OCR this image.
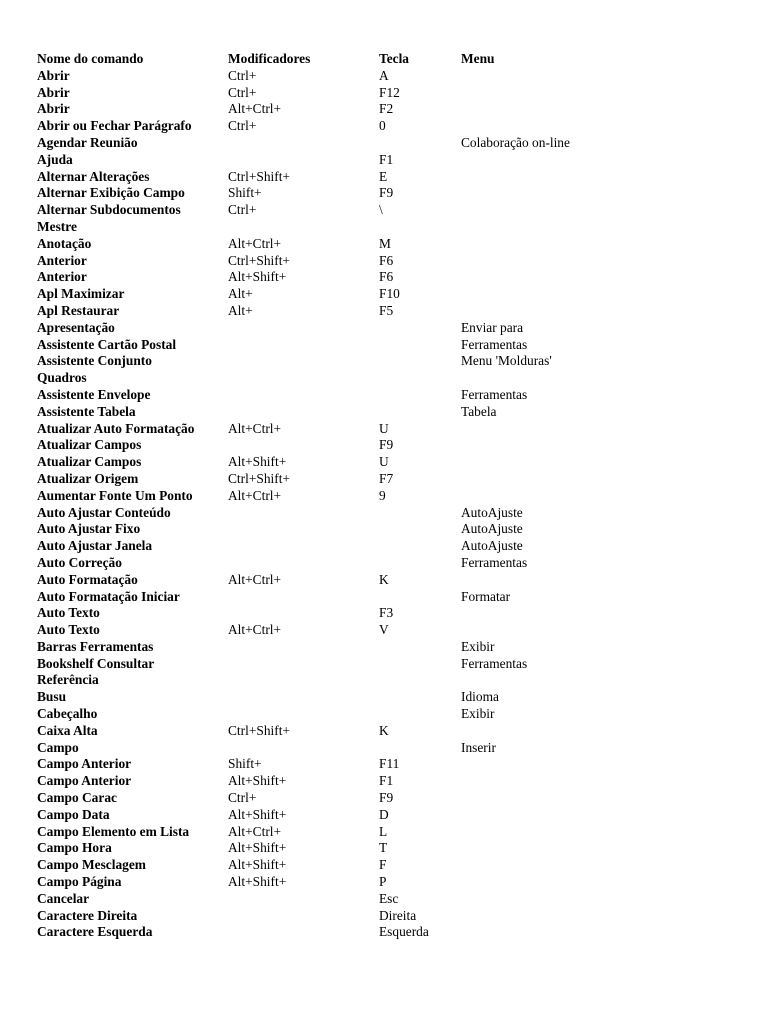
Nome do comando	Modificadores	Tecla	Menu
Abrir	Ctrl+	A	
Abrir	Ctrl+	F12	
Abrir	Alt+Ctrl+	F2	
Abrir ou Fechar Parágrafo	Ctrl+	0	
Agendar Reunião			Colaboração on-line
Ajuda		F1	
Alternar Alterações	Ctrl+Shift+	E	
Alternar Exibição Campo	Shift+	F9	
Alternar Subdocumentos	Ctrl+	\	
Mestre			
Anotação	Alt+Ctrl+	M	
Anterior	Ctrl+Shift+	F6	
Anterior	Alt+Shift+	F6	
Apl Maximizar	Alt+	F10	
Apl Restaurar	Alt+	F5	
Apresentação			Enviar para
Assistente Cartão Postal			Ferramentas
Assistente Conjunto			Menu 'Molduras'
Quadros			
Assistente Envelope			Ferramentas
Assistente Tabela			Tabela
Atualizar Auto Formatação	Alt+Ctrl+	U	
Atualizar Campos		F9	
Atualizar Campos	Alt+Shift+	U	
Atualizar Origem	Ctrl+Shift+	F7	
Aumentar Fonte Um Ponto	Alt+Ctrl+	9	
Auto Ajustar Conteúdo			AutoAjuste
Auto Ajustar Fixo			AutoAjuste
Auto Ajustar Janela			AutoAjuste
Auto Correção			Ferramentas
Auto Formatação	Alt+Ctrl+	K	
Auto Formatação Iniciar			Formatar
Auto Texto		F3	
Auto Texto	Alt+Ctrl+	V	
Barras Ferramentas			Exibir
Bookshelf Consultar			Ferramentas
Referência			
Busu			Idioma
Cabeçalho			Exibir
Caixa Alta	Ctrl+Shift+	K	
Campo			Inserir
Campo Anterior	Shift+	F11	
Campo Anterior	Alt+Shift+	F1	
Campo Carac	Ctrl+	F9	
Campo Data	Alt+Shift+	D	
Campo Elemento em Lista	Alt+Ctrl+	L	
Campo Hora	Alt+Shift+	T	
Campo Mesclagem	Alt+Shift+	F	
Campo Página	Alt+Shift+	P	
Cancelar		Esc	
Caractere Direita		Direita	
Caractere Esquerda		Esquerda	
